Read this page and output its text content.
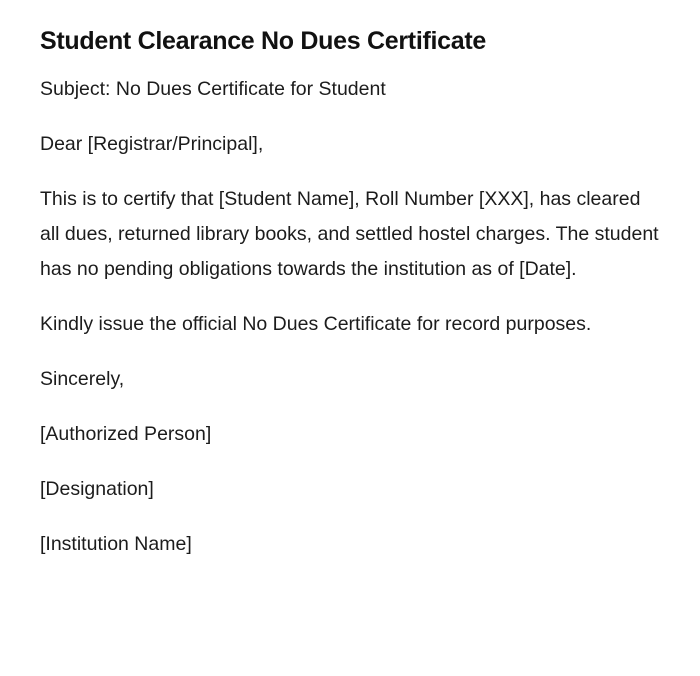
Student Clearance No Dues Certificate

Subject: No Dues Certificate for Student

Dear [Registrar/Principal],

This is to certify that [Student Name], Roll Number [XXX], has cleared all dues, returned library books, and settled hostel charges. The student has no pending obligations towards the institution as of [Date].

Kindly issue the official No Dues Certificate for record purposes.

Sincerely,

[Authorized Person]

[Designation]

[Institution Name]
